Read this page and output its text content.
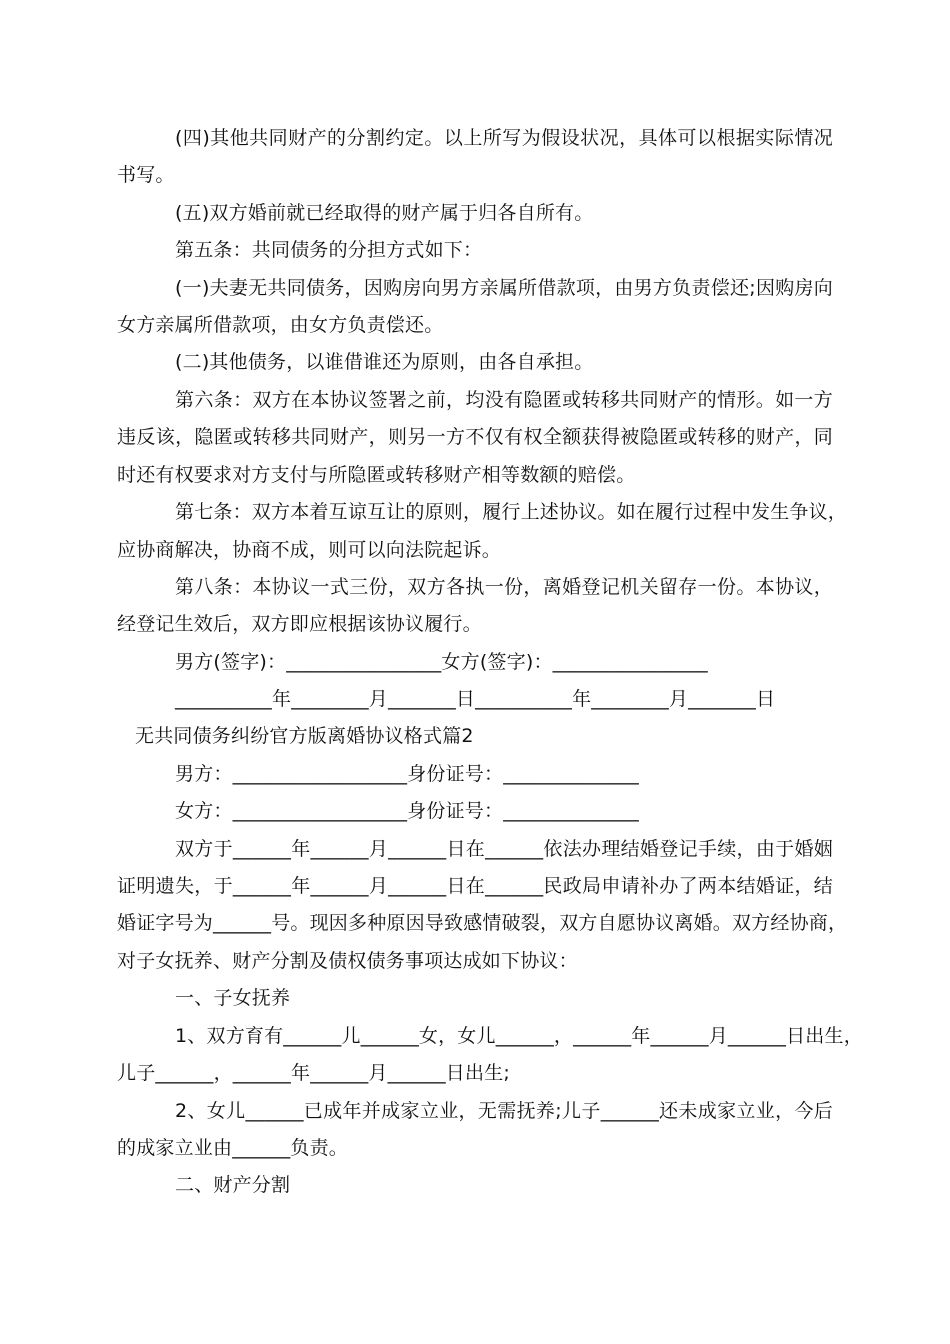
(四)其他共同财产的分割约定。以上所写为假设状况，具体可以根据实际情况
书写。
(五)双方婚前就已经取得的财产属于归各自所有。
第五条：共同债务的分担方式如下：
(一)夫妻无共同债务，因购房向男方亲属所借款项，由男方负责偿还;因购房向
女方亲属所借款项，由女方负责偿还。
(二)其他债务，以谁借谁还为原则，由各自承担。
第六条：双方在本协议签署之前，均没有隐匿或转移共同财产的情形。如一方
违反该，隐匿或转移共同财产，则另一方不仅有权全额获得被隐匿或转移的财产，同
时还有权要求对方支付与所隐匿或转移财产相等数额的赔偿。
第七条：双方本着互谅互让的原则，履行上述协议。如在履行过程中发生争议，
应协商解决，协商不成，则可以向法院起诉。
第八条：本协议一式三份，双方各执一份，离婚登记机关留存一份。本协议，
经登记生效后，双方即应根据该协议履行。
男方(签字)：________________女方(签字)：________________
__________年________月_______日__________年________月_______日
无共同债务纠纷官方版离婚协议格式篇2
男方：__________________身份证号：______________
女方：__________________身份证号：______________
双方于______年______月______日在______依法办理结婚登记手续，由于婚姻
证明遗失，于______年______月______日在______民政局申请补办了两本结婚证，结
婚证字号为______号。现因多种原因导致感情破裂，双方自愿协议离婚。双方经协商，
对子女抚养、财产分割及债权债务事项达成如下协议：
一、子女抚养
1、双方育有______儿______女，女儿______，______年______月______日出生，
儿子______，______年______月______日出生;
2、女儿______已成年并成家立业，无需抚养;儿子______还未成家立业，今后
的成家立业由______负责。
二、财产分割
